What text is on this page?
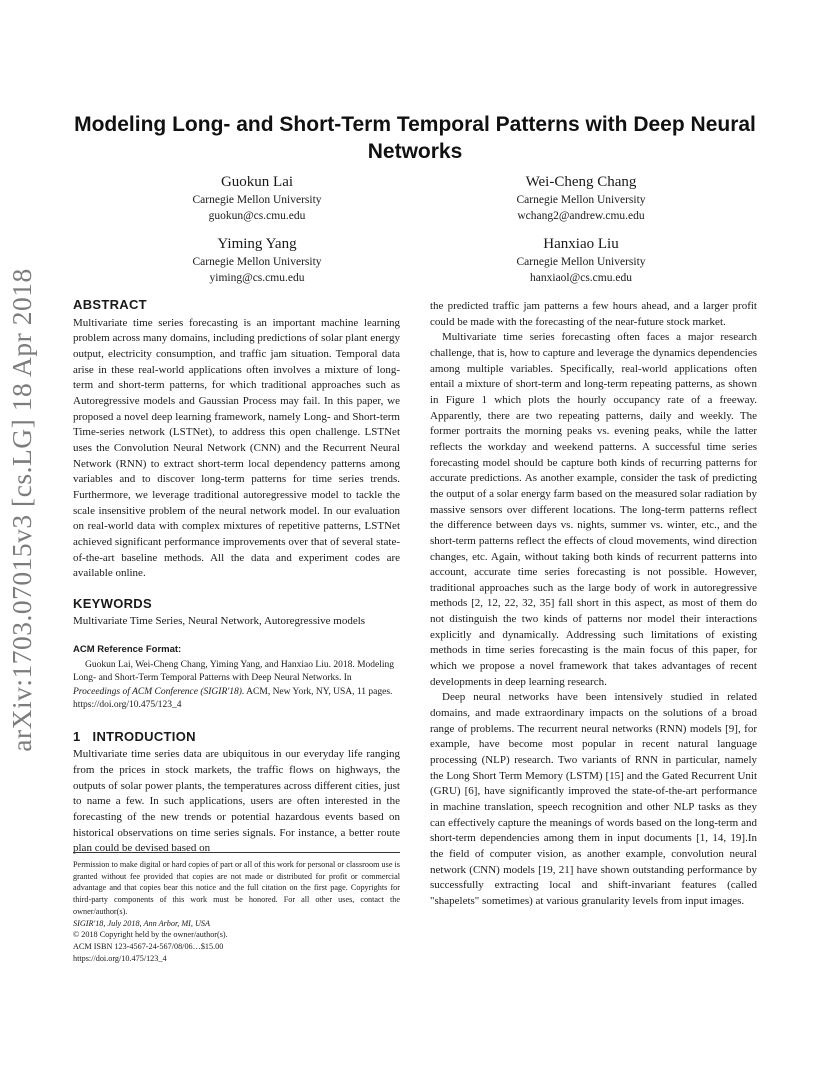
arXiv:1703.07015v3 [cs.LG] 18 Apr 2018
Modeling Long- and Short-Term Temporal Patterns with Deep Neural Networks
Guokun Lai
Carnegie Mellon University
guokun@cs.cmu.edu
Wei-Cheng Chang
Carnegie Mellon University
wchang2@andrew.cmu.edu
Yiming Yang
Carnegie Mellon University
yiming@cs.cmu.edu
Hanxiao Liu
Carnegie Mellon University
hanxiaol@cs.cmu.edu
ABSTRACT

Multivariate time series forecasting is an important machine learning problem across many domains, including predictions of solar plant energy output, electricity consumption, and traffic jam situation. Temporal data arise in these real-world applications often involves a mixture of long-term and short-term patterns, for which traditional approaches such as Autoregressive models and Gaussian Process may fail. In this paper, we proposed a novel deep learning framework, namely Long- and Short-term Time-series network (LSTNet), to address this open challenge. LSTNet uses the Convolution Neural Network (CNN) and the Recurrent Neural Network (RNN) to extract short-term local dependency patterns among variables and to discover long-term patterns for time series trends. Furthermore, we leverage traditional autoregressive model to tackle the scale insensitive problem of the neural network model. In our evaluation on real-world data with complex mixtures of repetitive patterns, LSTNet achieved significant performance improvements over that of several state-of-the-art baseline methods. All the data and experiment codes are available online.

KEYWORDS

Multivariate Time Series, Neural Network, Autoregressive models

ACM Reference Format:

Guokun Lai, Wei-Cheng Chang, Yiming Yang, and Hanxiao Liu. 2018. Modeling Long- and Short-Term Temporal Patterns with Deep Neural Networks. In Proceedings of ACM Conference (SIGIR'18). ACM, New York, NY, USA, 11 pages. https://doi.org/10.475/123_4

1 INTRODUCTION

Multivariate time series data are ubiquitous in our everyday life ranging from the prices in stock markets, the traffic flows on highways, the outputs of solar power plants, the temperatures across different cities, just to name a few. In such applications, users are often interested in the forecasting of the new trends or potential hazardous events based on historical observations on time series signals. For instance, a better route plan could be devised based on

Permission to make digital or hard copies of part or all of this work for personal or classroom use is granted without fee provided that copies are not made or distributed for profit or commercial advantage and that copies bear this notice and the full citation on the first page. Copyrights for third-party components of this work must be honored. For all other uses, contact the owner/author(s).
SIGIR'18, July 2018, Ann Arbor, MI, USA
© 2018 Copyright held by the owner/author(s).
ACM ISBN 123-4567-24-567/08/06…$15.00
https://doi.org/10.475/123_4

the predicted traffic jam patterns a few hours ahead, and a larger profit could be made with the forecasting of the near-future stock market.

Multivariate time series forecasting often faces a major research challenge, that is, how to capture and leverage the dynamics dependencies among multiple variables. Specifically, real-world applications often entail a mixture of short-term and long-term repeating patterns, as shown in Figure 1 which plots the hourly occupancy rate of a freeway. Apparently, there are two repeating patterns, daily and weekly. The former portraits the morning peaks vs. evening peaks, while the latter reflects the workday and weekend patterns. A successful time series forecasting model should be capture both kinds of recurring patterns for accurate predictions. As another example, consider the task of predicting the output of a solar energy farm based on the measured solar radiation by massive sensors over different locations. The long-term patterns reflect the difference between days vs. nights, summer vs. winter, etc., and the short-term patterns reflect the effects of cloud movements, wind direction changes, etc. Again, without taking both kinds of recurrent patterns into account, accurate time series forecasting is not possible. However, traditional approaches such as the large body of work in autoregressive methods [2, 12, 22, 32, 35] fall short in this aspect, as most of them do not distinguish the two kinds of patterns nor model their interactions explicitly and dynamically. Addressing such limitations of existing methods in time series forecasting is the main focus of this paper, for which we propose a novel framework that takes advantages of recent developments in deep learning research.

Deep neural networks have been intensively studied in related domains, and made extraordinary impacts on the solutions of a broad range of problems. The recurrent neural networks (RNN) models [9], for example, have become most popular in recent natural language processing (NLP) research. Two variants of RNN in particular, namely the Long Short Term Memory (LSTM) [15] and the Gated Recurrent Unit (GRU) [6], have significantly improved the state-of-the-art performance in machine translation, speech recognition and other NLP tasks as they can effectively capture the meanings of words based on the long-term and short-term dependencies among them in input documents [1, 14, 19].In the field of computer vision, as another example, convolution neural network (CNN) models [19, 21] have shown outstanding performance by successfully extracting local and shift-invariant features (called "shapelets" sometimes) at various granularity levels from input images.
